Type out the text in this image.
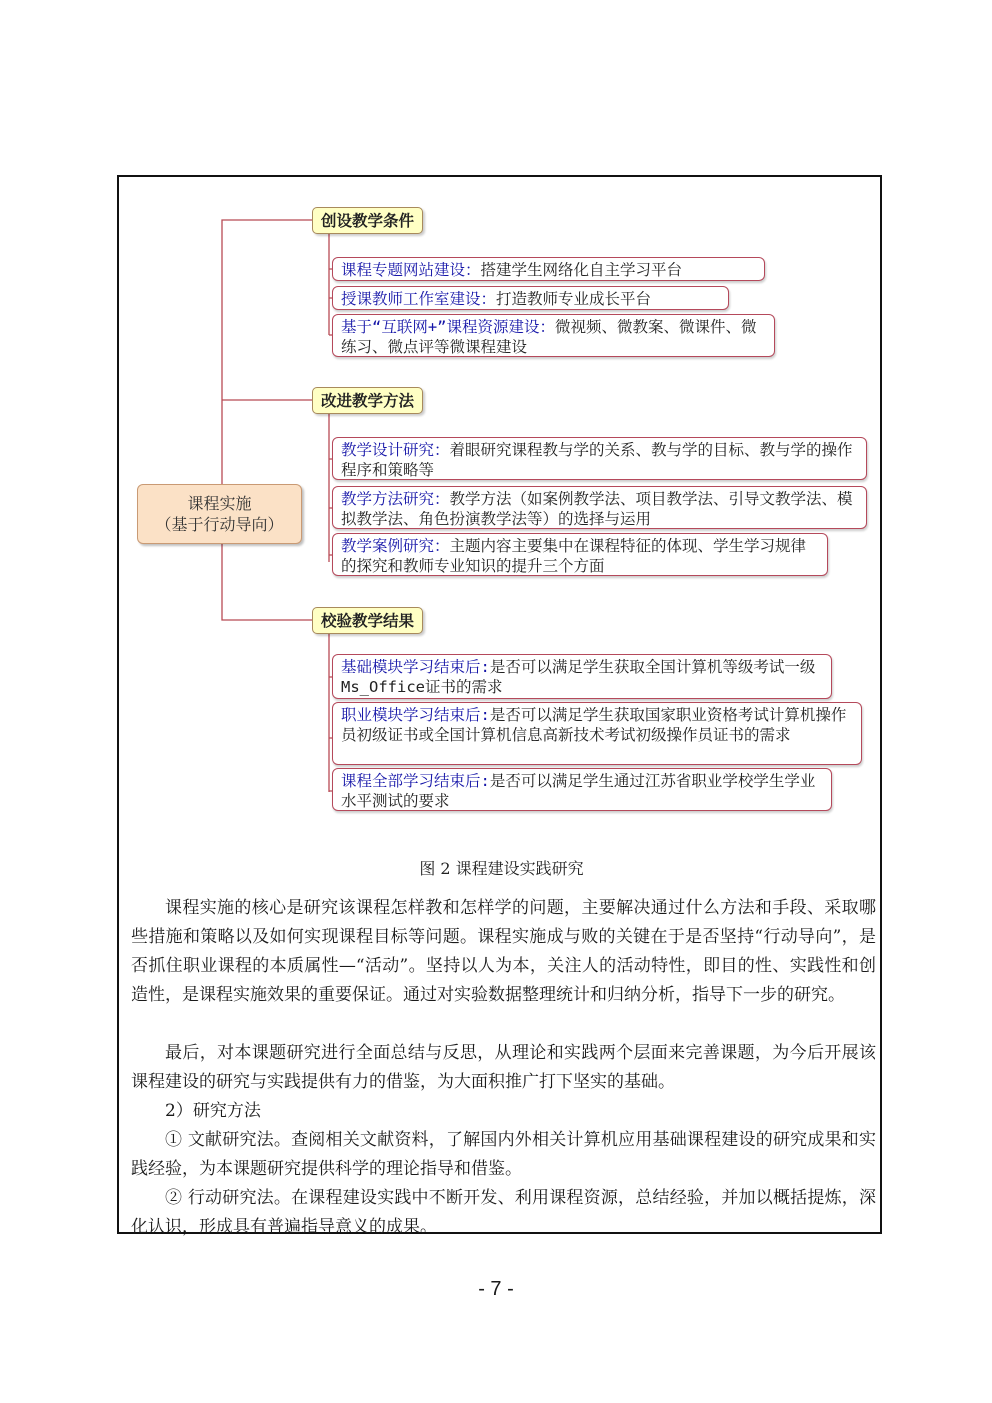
课程实施
（基于行动导向）
创设教学条件
课程专题网站建设：搭建学生网络化自主学习平台
授课教师工作室建设：打造教师专业成长平台
基于“互联网+”课程资源建设：微视频、微教案、微课件、微练习、微点评等微课程建设
改进教学方法
教学设计研究：着眼研究课程教与学的关系、教与学的目标、教与学的操作程序和策略等
教学方法研究：教学方法（如案例教学法、项目教学法、引导文教学法、模拟教学法、角色扮演教学法等）的选择与运用
教学案例研究：主题内容主要集中在课程特征的体现、学生学习规律的探究和教师专业知识的提升三个方面
校验教学结果
基础模块学习结束后:是否可以满足学生获取全国计算机等级考试一级Ms_Office证书的需求
职业模块学习结束后:是否可以满足学生获取国家职业资格考试计算机操作员初级证书或全国计算机信息高新技术考试初级操作员证书的需求
课程全部学习结束后:是否可以满足学生通过江苏省职业学校学生学业水平测试的要求
图 2 课程建设实践研究

课程实施的核心是研究该课程怎样教和怎样学的问题，主要解决通过什么方法和手段、采取哪些措施和策略以及如何实现课程目标等问题。课程实施成与败的关键在于是否坚持“行动导向”，是否抓住职业课程的本质属性—“活动”。坚持以人为本，关注人的活动特性，即目的性、实践性和创造性，是课程实施效果的重要保证。通过对实验数据整理统计和归纳分析，指导下一步的研究。

最后，对本课题研究进行全面总结与反思，从理论和实践两个层面来完善课题，为今后开展该课程建设的研究与实践提供有力的借鉴，为大面积推广打下坚实的基础。

2）研究方法

① 文献研究法。查阅相关文献资料，了解国内外相关计算机应用基础课程建设的研究成果和实践经验，为本课题研究提供科学的理论指导和借鉴。

② 行动研究法。在课程建设实践中不断开发、利用课程资源，总结经验，并加以概括提炼，深化认识，形成具有普遍指导意义的成果。

- 7 -
